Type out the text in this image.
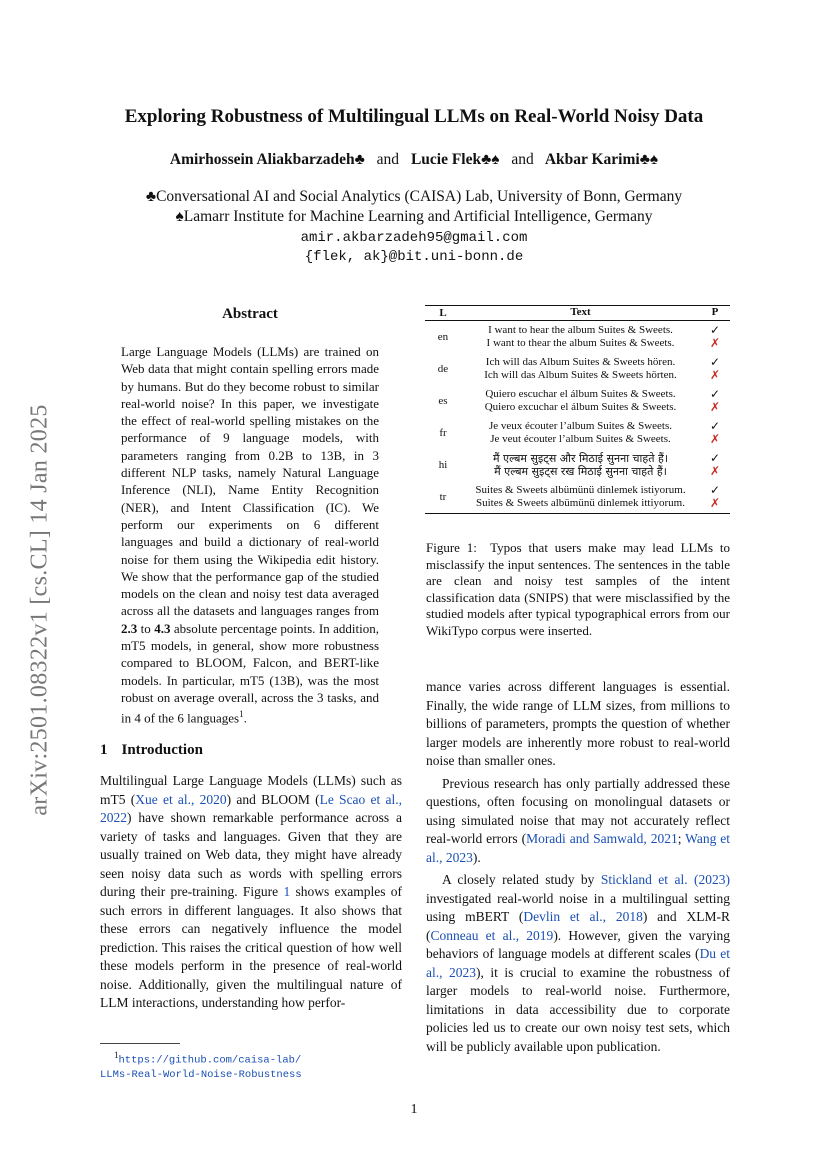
Exploring Robustness of Multilingual LLMs on Real-World Noisy Data
Amirhossein Aliakbarzadeh♣ and Lucie Flek♣♠ and Akbar Karimi♣♠
♣Conversational AI and Social Analytics (CAISA) Lab, University of Bonn, Germany
♠Lamarr Institute for Machine Learning and Artificial Intelligence, Germany
amir.akbarzadeh95@gmail.com
{flek, ak}@bit.uni-bonn.de
arXiv:2501.08322v1 [cs.CL] 14 Jan 2025
Abstract
Large Language Models (LLMs) are trained on Web data that might contain spelling errors made by humans. But do they become robust to similar real-world noise? In this paper, we investigate the effect of real-world spelling mistakes on the performance of 9 language models, with parameters ranging from 0.2B to 13B, in 3 different NLP tasks, namely Natural Language Inference (NLI), Name Entity Recognition (NER), and Intent Classification (IC). We perform our experiments on 6 different languages and build a dictionary of real-world noise for them using the Wikipedia edit history. We show that the performance gap of the studied models on the clean and noisy test data averaged across all the datasets and languages ranges from 2.3 to 4.3 absolute percentage points. In addition, mT5 models, in general, show more robustness compared to BLOOM, Falcon, and BERT-like models. In particular, mT5 (13B), was the most robust on average overall, across the 3 tasks, and in 4 of the 6 languages$^1$.
1 Introduction
Multilingual Large Language Models (LLMs) such as mT5 (Xue et al., 2020) and BLOOM (Le Scao et al., 2022) have shown remarkable performance across a variety of tasks and languages. Given that they are usually trained on Web data, they might have already seen noisy data such as words with spelling errors during their pre-training. Figure 1 shows examples of such errors in different languages. It also shows that these errors can negatively influence the model prediction. This raises the critical question of how well these models perform in the presence of real-world noise. Additionally, given the multilingual nature of LLM interactions, understanding how perfor-
$^1$https://github.com/caisa-lab/
LLMs-Real-World-Noise-Robustness
L	Text	P
en
I want to hear the album Suites & Sweets.
I want to thear the album Suites & Sweets.
✓
✗
de
Ich will das Album Suites & Sweets hören.
Ich will das Album Suites & Sweets hörten.
✓
✗
es
Quiero escuchar el álbum Suites & Sweets.
Quiero excuchar el álbum Suites & Sweets.
✓
✗
fr
Je veux écouter l’album Suites & Sweets.
Je veut écouter l’album Suites & Sweets.
✓
✗
hi
मैं एल्बम सुइट्स और मिठाई सुनना चाहते हैं।
मैं एल्बम सुइट्स रख मिठाई सुनना चाहते हैं।
✓
✗
tr
Suites & Sweets albümünü dinlemek istiyorum.
Suites & Sweets albümünü dinlemek ittiyorum.
✓
✗
Figure 1: Typos that users make may lead LLMs to misclassify the input sentences. The sentences in the table are clean and noisy test samples of the intent classification data (SNIPS) that were misclassified by the studied models after typical typographical errors from our WikiTypo corpus were inserted.

mance varies across different languages is essential. Finally, the wide range of LLM sizes, from millions to billions of parameters, prompts the question of whether larger models are inherently more robust to real-world noise than smaller ones.

Previous research has only partially addressed these questions, often focusing on monolingual datasets or using simulated noise that may not accurately reflect real-world errors (Moradi and Samwald, 2021; Wang et al., 2023).

A closely related study by Stickland et al. (2023) investigated real-world noise in a multilingual setting using mBERT (Devlin et al., 2018) and XLM-R (Conneau et al., 2019). However, given the varying behaviors of language models at different scales (Du et al., 2023), it is crucial to examine the robustness of larger models to real-world noise. Furthermore, limitations in data accessibility due to corporate policies led us to create our own noisy test sets, which will be publicly available upon publication.

1
